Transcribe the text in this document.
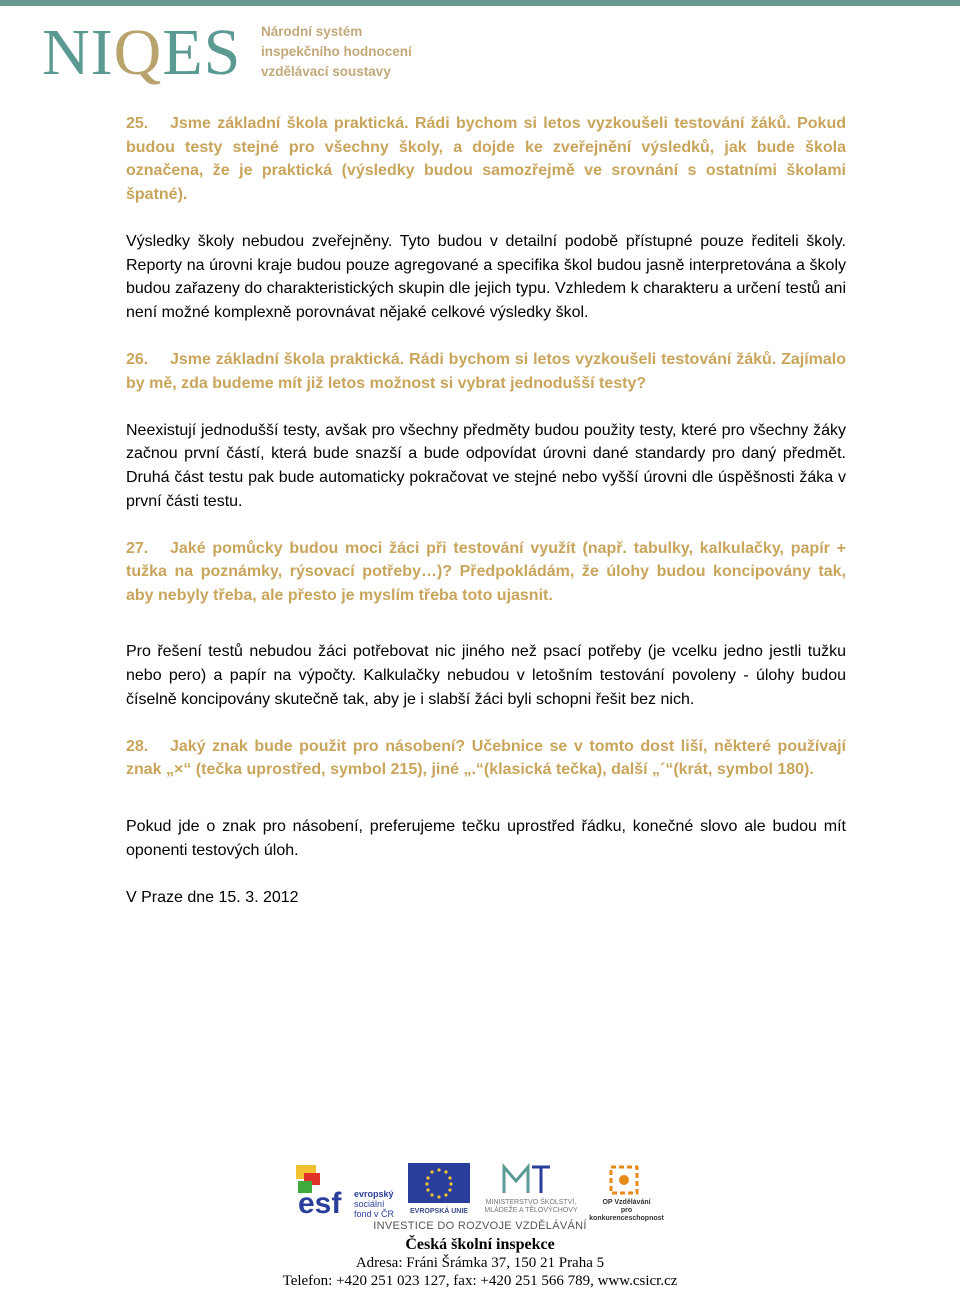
NIQES Národní systém
inspekčního hodnocení
vzdělávací soustavy

25. Jsme základní škola praktická. Rádi bychom si letos vyzkoušeli testování žáků. Pokud budou testy stejné pro všechny školy, a dojde ke zveřejnění výsledků, jak bude škola označena, že je praktická (výsledky budou samozřejmě ve srovnání s ostatními školami špatné).

Výsledky školy nebudou zveřejněny. Tyto budou v detailní podobě přístupné pouze řediteli školy. Reporty na úrovni kraje budou pouze agregované a specifika škol budou jasně interpretována a školy budou zařazeny do charakteristických skupin dle jejich typu. Vzhledem k charakteru a určení testů ani není možné komplexně porovnávat nějaké celkové výsledky škol.

26. Jsme základní škola praktická. Rádi bychom si letos vyzkoušeli testování žáků. Zajímalo by mě, zda budeme mít již letos možnost si vybrat jednodušší testy?

Neexistují jednodušší testy, avšak pro všechny předměty budou použity testy, které pro všechny žáky začnou první částí, která bude snazší a bude odpovídat úrovni dané standardy pro daný předmět. Druhá část testu pak bude automaticky pokračovat ve stejné nebo vyšší úrovni dle úspěšnosti žáka v první části testu.

27. Jaké pomůcky budou moci žáci při testování využít (např. tabulky, kalkulačky, papír + tužka na poznámky, rýsovací potřeby…)? Předpokládám, že úlohy budou koncipovány tak, aby nebyly třeba, ale přesto je myslím třeba toto ujasnit.

Pro řešení testů nebudou žáci potřebovat nic jiného než psací potřeby (je vcelku jedno jestli tužku nebo pero) a papír na výpočty. Kalkulačky nebudou v letošním testování povoleny - úlohy budou číselně koncipovány skutečně tak, aby je i slabší žáci byli schopni řešit bez nich.

28. Jaký znak bude použit pro násobení? Učebnice se v tomto dost liší, některé používají znak „×“ (tečka uprostřed, symbol 215), jiné „.“(klasická tečka), další „´“(krát, symbol 180).

Pokud jde o znak pro násobení, preferujeme tečku uprostřed řádku, konečné slovo ale budou mít oponenti testových úloh.

V Praze dne 15. 3. 2012

esf evropský
sociální
fond v ČR EVROPSKÁ UNIE
MINISTERSTVO ŠKOLSTVÍ,
MLÁDEŽE A TĚLOVÝCHOVY
OP Vzdělávání
pro konkurenceschopnost
INVESTICE DO ROZVOJE VZDĚLÁVÁNÍ
Česká školní inspekce
Adresa: Fráni Šrámka 37, 150 21 Praha 5
Telefon: +420 251 023 127, fax: +420 251 566 789, www.csicr.cz
